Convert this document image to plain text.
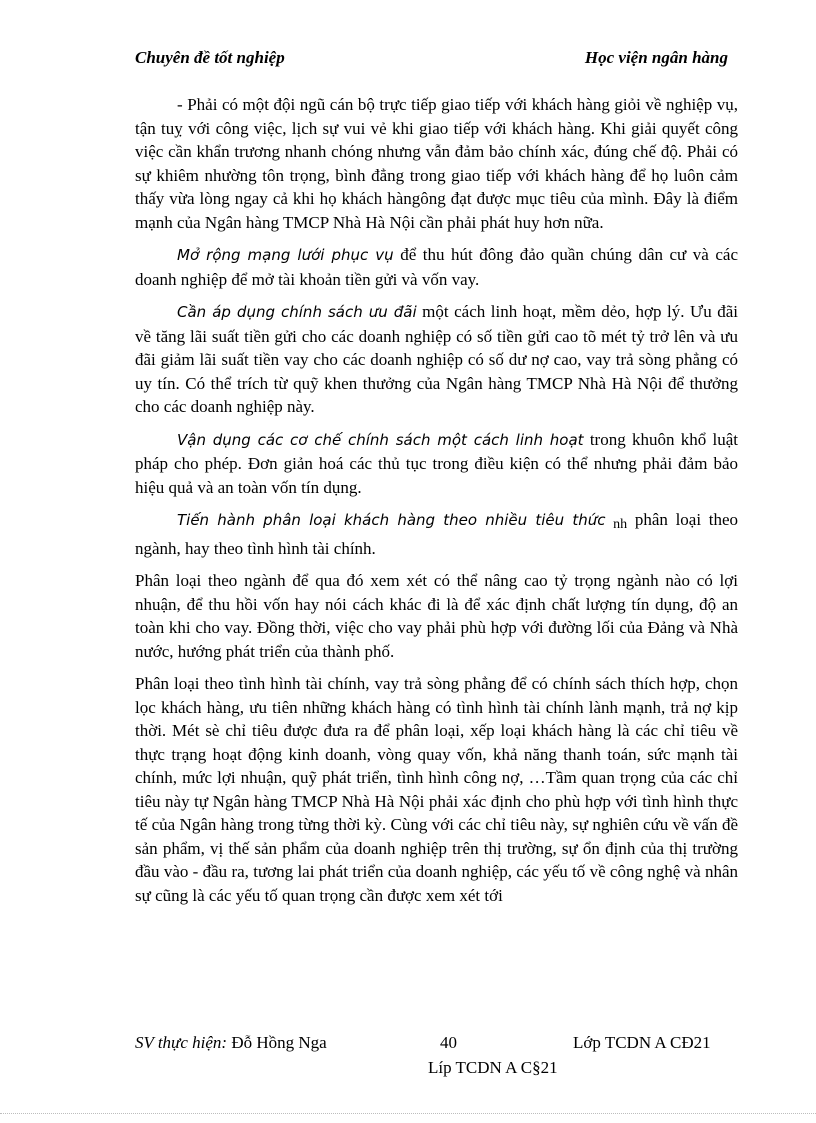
Chuyên đề tốt nghiệp	Học viện ngân hàng

- Phải có một đội ngũ cán bộ trực tiếp giao tiếp với khách hàng giỏi về nghiệp vụ, tận tuỵ với công việc, lịch sự vui vẻ khi giao tiếp với khách hàng. Khi giải quyết công việc cần khẩn trương nhanh chóng nhưng vẫn đảm bảo chính xác, đúng chế độ. Phải có sự khiêm nhường tôn trọng, bình đẳng trong giao tiếp với khách hàng để họ luôn cảm thấy vừa lòng ngay cả khi họ khách hàngông đạt được mục tiêu của mình. Đây là điểm mạnh của Ngân hàng TMCP Nhà Hà Nội cần phải phát huy hơn nữa.

Mở rộng mạng lưới phục vụ để thu hút đông đảo quần chúng dân cư và các doanh nghiệp để mở tài khoản tiền gửi và vốn vay.

Cần áp dụng chính sách ưu đãi một cách linh hoạt, mềm dẻo, hợp lý. Ưu đãi về tăng lãi suất tiền gửi cho các doanh nghiệp có số tiền gửi cao tõ mét tỷ trở lên và ưu đãi giảm lãi suất tiền vay cho các doanh nghiệp có số dư nợ cao, vay trả sòng phẳng có uy tín. Có thể trích từ quỹ khen thưởng của Ngân hàng TMCP Nhà Hà Nội để thưởng cho các doanh nghiệp này.

Vận dụng các cơ chế chính sách một cách linh hoạt trong khuôn khổ luật pháp cho phép. Đơn giản hoá các thủ tục trong điều kiện có thể nhưng phải đảm bảo hiệu quả và an toàn vốn tín dụng.

Tiến hành phân loại khách hàng theo nhiều tiêu thức nh phân loại theo ngành, hay theo tình hình tài chính.

Phân loại theo ngành để qua đó xem xét có thể nâng cao tỷ trọng ngành nào có lợi nhuận, để thu hồi vốn hay nói cách khác đi là để xác định chất lượng tín dụng, độ an toàn khi cho vay. Đồng thời, việc cho vay phải phù hợp với đường lối của Đảng và Nhà nước, hướng phát triển của thành phố.

Phân loại theo tình hình tài chính, vay trả sòng phẳng để có chính sách thích hợp, chọn lọc khách hàng, ưu tiên những khách hàng có tình hình tài chính lành mạnh, trả nợ kịp thời. Mét sè chỉ tiêu được đưa ra để phân loại, xếp loại khách hàng là các chỉ tiêu về thực trạng hoạt động kinh doanh, vòng quay vốn, khả năng thanh toán, sức mạnh tài chính, mức lợi nhuận, quỹ phát triển, tình hình công nợ, …Tầm quan trọng của các chỉ tiêu này tự Ngân hàng TMCP Nhà Hà Nội phải xác định cho phù hợp với tình hình thực tế của Ngân hàng trong từng thời kỳ. Cùng với các chỉ tiêu này, sự nghiên cứu về vấn đề sản phẩm, vị thế sản phẩm của doanh nghiệp trên thị trường, sự ổn định của thị trường đầu vào - đầu ra, tương lai phát triển của doanh nghiệp, các yếu tố về công nghệ và nhân sự cũng là các yếu tố quan trọng cần được xem xét tới

SV thực hiện: Đỗ Hồng Nga	40	Lớp TCDN A CĐ21
Líp TCDN A C§21
